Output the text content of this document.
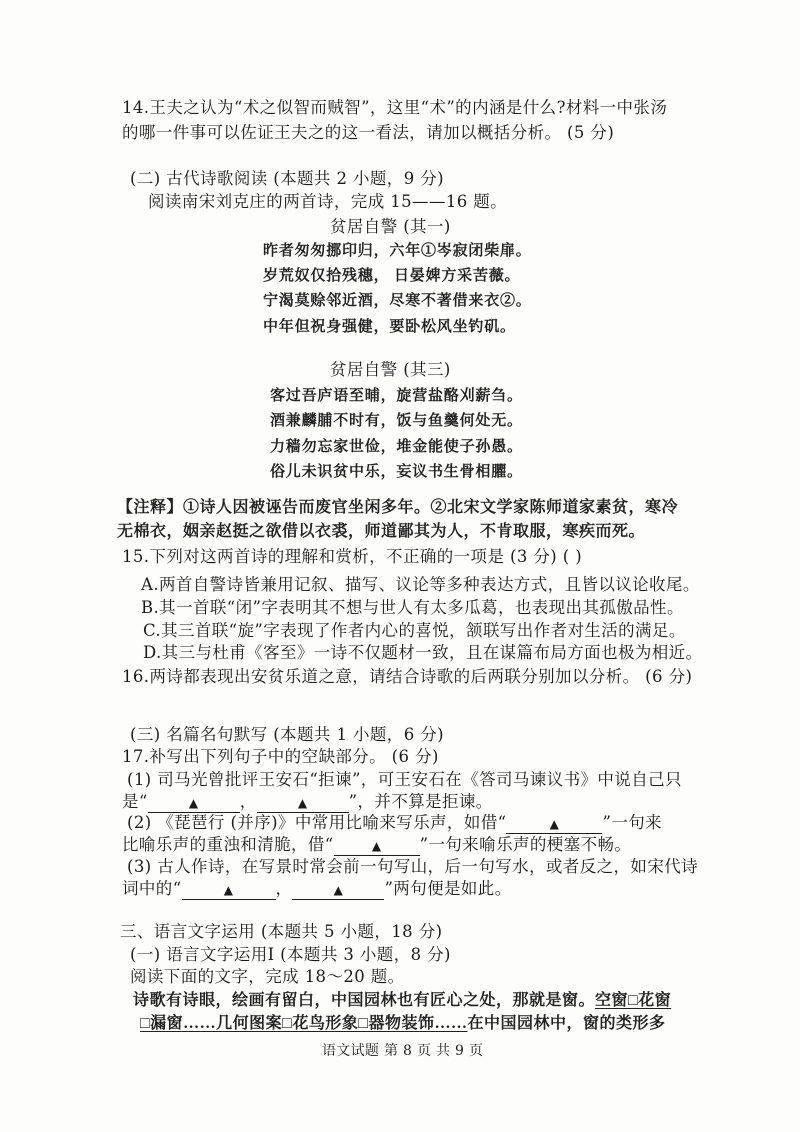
14.王夫之认为“术之似智而贼智”，这里“术”的内涵是什么?材料一中张汤
的哪一件事可以佐证王夫之的这一看法，请加以概括分析。 (5 分)
(二) 古代诗歌阅读 (本题共 2 小题，9 分)
阅读南宋刘克庄的两首诗，完成 15——16 题。
贫居自警 (其一)
昨者匆匆挪印归，六年①岑寂闭柴扉。
岁荒奴仅拾残穗， 日晏婢方采苦薇。
宁渴莫赊邻近酒，尽寒不著借来衣②。
中年但祝身强健，要卧松风坐钓矶。
贫居自警 (其三)
客过吾庐语至晡，旋营盐酪刈薪刍。
酒兼麟脯不时有，饭与鱼羹何处无。
力穑勿忘家世俭，堆金能使子孙愚。
俗儿未识贫中乐，妄议书生骨相臞。
【注释】①诗人因被诬告而废官坐闲多年。②北宋文学家陈师道家素贫，寒冷
无棉衣，姻亲赵挺之欲借以衣裘，师道鄙其为人，不肯取服，寒疾而死。
15.下列对这两首诗的理解和赏析，不正确的一项是 (3 分) ( )
A.两首自警诗皆兼用记叙、描写、议论等多种表达方式，且皆以议论收尾。
B.其一首联“闭”字表明其不想与世人有太多瓜葛，也表现出其孤傲品性。
C.其三首联“旋”字表现了作者内心的喜悦，颔联写出作者对生活的满足。
D.其三与杜甫《客至》一诗不仅题材一致，且在谋篇布局方面也极为相近。
16.两诗都表现出安贫乐道之意，请结合诗歌的后两联分别加以分析。 (6 分)
(三) 名篇名句默写 (本题共 1 小题，6 分)
17.补写出下列句子中的空缺部分。 (6 分)
(1) 司马光曾批评王安石“拒谏”，可王安石在《答司马谏议书》中说自己只
是“	▲ ，	▲ ”，并不算是拒谏。
(2) 《琵琶行 (并序)》中常用比喻来写乐声，如借“	▲	”一句来
比喻乐声的重浊和清脆，借“	▲ ”一句来喻乐声的梗塞不畅。
(3) 古人作诗，在写景时常会前一句写山，后一句写水，或者反之，如宋代诗
词中的“	▲	，	▲ ”两句便是如此。
三、语言文字运用 (本题共 5 小题，18 分)
(一) 语言文字运用Ⅰ (本题共 3 小题，8 分)
阅读下面的文字，完成 18～20 题。
诗歌有诗眼，绘画有留白，中国园林也有匠心之处，那就是窗。空窗□花窗
□漏窗……几何图案□花鸟形象□器物装饰……在中国园林中，窗的类形多
语文试题 第 8 页 共 9 页
